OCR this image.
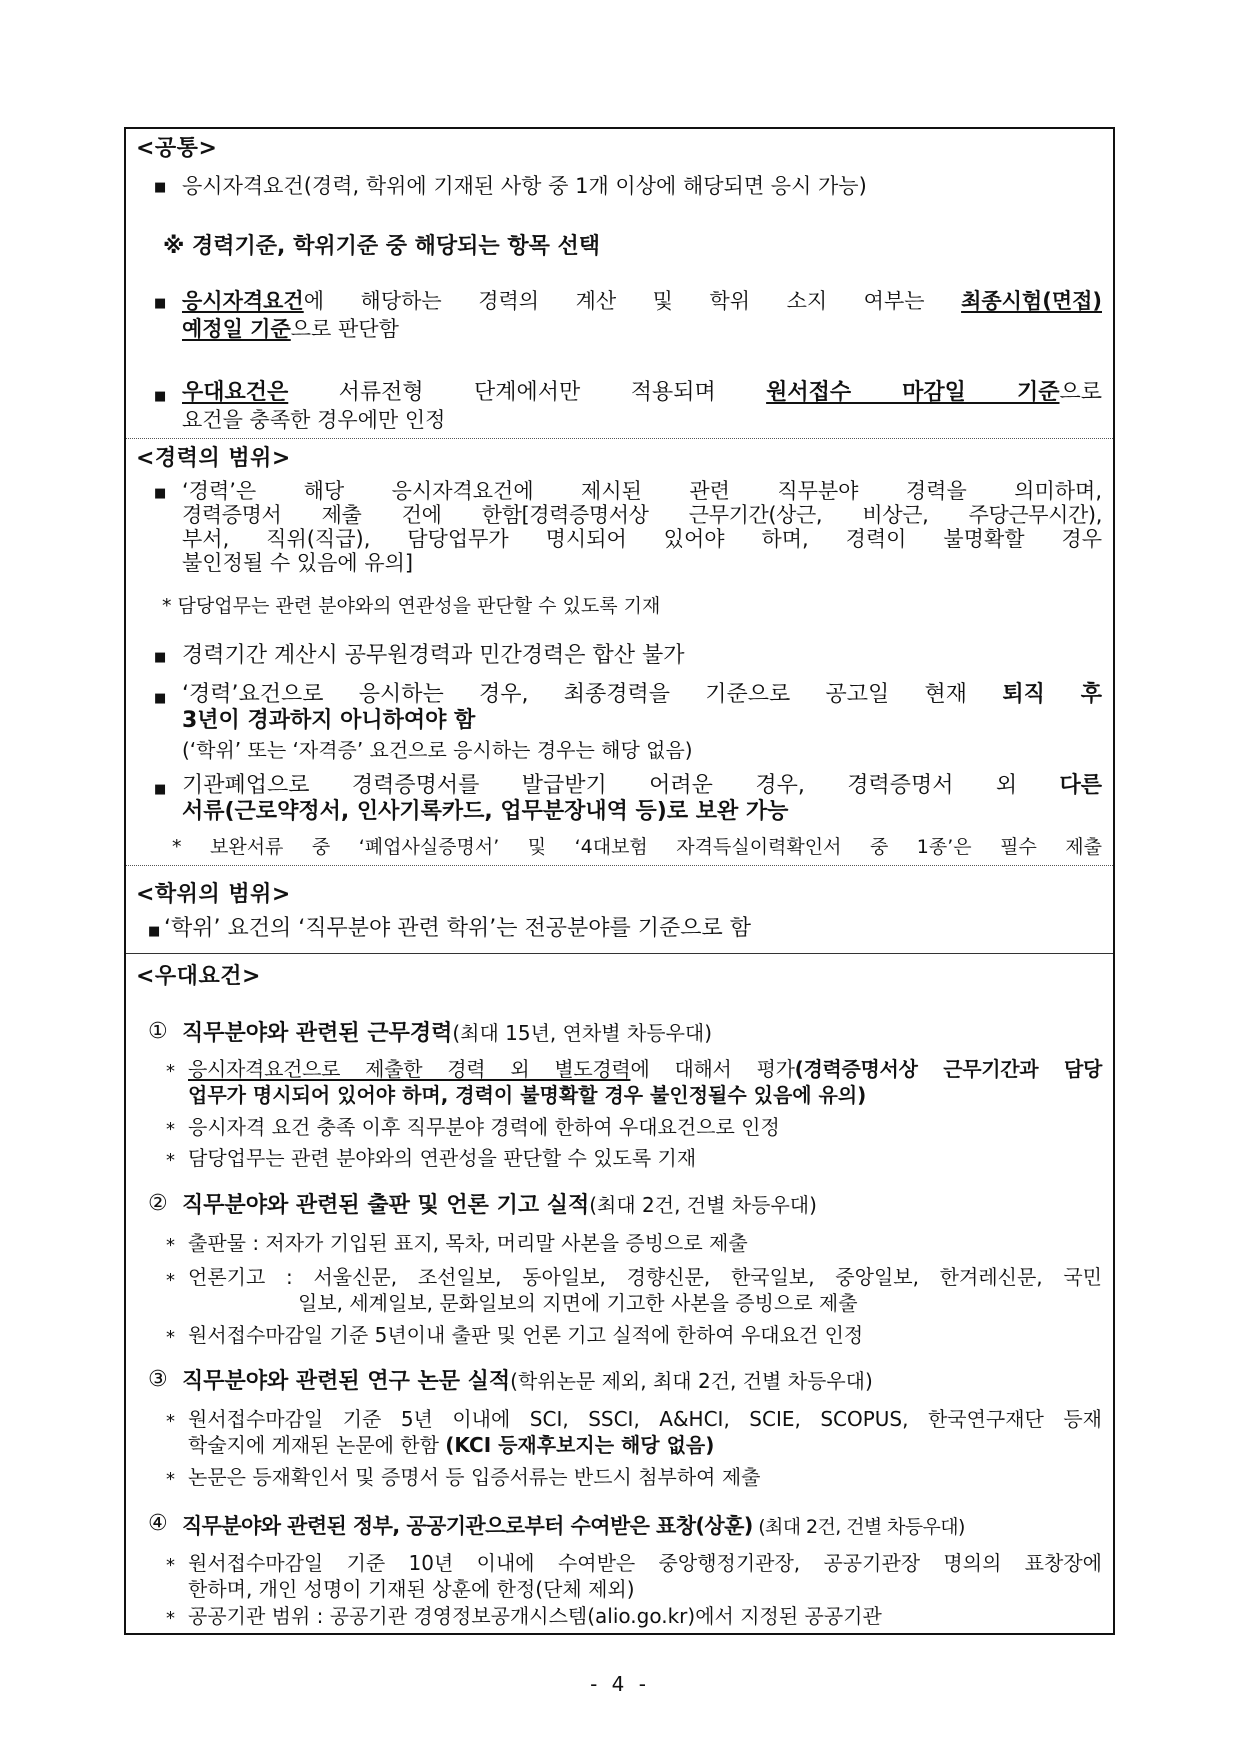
<공통>
■ 응시자격요건(경력, 학위에 기재된 사항 중 1개 이상에 해당되면 응시 가능)
※ 경력기준, 학위기준 중 해당되는 항목 선택
■ 응시자격요건에 해당하는 경력의 계산 및 학위 소지 여부는 최종시험(면접)
예정일 기준으로 판단함
■ 우대요건은 서류전형 단계에서만 적용되며 원서접수 마감일 기준으로
요건을 충족한 경우에만 인정
<경력의 범위>
■ ‘경력’은 해당 응시자격요건에 제시된 관련 직무분야 경력을 의미하며,
경력증명서 제출 건에 한함[경력증명서상 근무기간(상근, 비상근, 주당근무시간),
부서, 직위(직급), 담당업무가 명시되어 있어야 하며, 경력이 불명확할 경우
불인정될 수 있음에 유의]
* 담당업무는 관련 분야와의 연관성을 판단할 수 있도록 기재
■ 경력기간 계산시 공무원경력과 민간경력은 합산 불가
■ ‘경력’요건으로 응시하는 경우, 최종경력을 기준으로 공고일 현재 퇴직 후
3년이 경과하지 아니하여야 함
(‘학위’ 또는 ‘자격증’ 요건으로 응시하는 경우는 해당 없음)
■ 기관폐업으로 경력증명서를 발급받기 어려운 경우, 경력증명서 외 다른
서류(근로약정서, 인사기록카드, 업무분장내역 등)로 보완 가능
* 보완서류 중 ‘폐업사실증명서’ 및 ‘4대보험 자격득실이력확인서 중 1종’은 필수 제출
<학위의 범위>
■ ‘학위’ 요건의 ‘직무분야 관련 학위’는 전공분야를 기준으로 함
<우대요건>
① 직무분야와 관련된 근무경력(최대 15년, 연차별 차등우대)
* 응시자격요건으로 제출한 경력 외 별도경력에 대해서 평가(경력증명서상 근무기간과 담당
업무가 명시되어 있어야 하며, 경력이 불명확할 경우 불인정될수 있음에 유의)
* 응시자격 요건 충족 이후 직무분야 경력에 한하여 우대요건으로 인정
* 담당업무는 관련 분야와의 연관성을 판단할 수 있도록 기재
② 직무분야와 관련된 출판 및 언론 기고 실적(최대 2건, 건별 차등우대)
* 출판물 : 저자가 기입된 표지, 목차, 머리말 사본을 증빙으로 제출
* 언론기고 : 서울신문, 조선일보, 동아일보, 경향신문, 한국일보, 중앙일보, 한겨레신문, 국민
일보, 세계일보, 문화일보의 지면에 기고한 사본을 증빙으로 제출
* 원서접수마감일 기준 5년이내 출판 및 언론 기고 실적에 한하여 우대요건 인정
③ 직무분야와 관련된 연구 논문 실적(학위논문 제외, 최대 2건, 건별 차등우대)
* 원서접수마감일 기준 5년 이내에 SCI, SSCI, A&HCI, SCIE, SCOPUS, 한국연구재단 등재
학술지에 게재된 논문에 한함 (KCI 등재후보지는 해당 없음)
* 논문은 등재확인서 및 증명서 등 입증서류는 반드시 첨부하여 제출
④ 직무분야와 관련된 정부, 공공기관으로부터 수여받은 표창(상훈) (최대 2건, 건별 차등우대)
* 원서접수마감일 기준 10년 이내에 수여받은 중앙행정기관장, 공공기관장 명의의 표창장에
한하며, 개인 성명이 기재된 상훈에 한정(단체 제외)
* 공공기관 범위 : 공공기관 경영정보공개시스템(alio.go.kr)에서 지정된 공공기관
- 4 -
